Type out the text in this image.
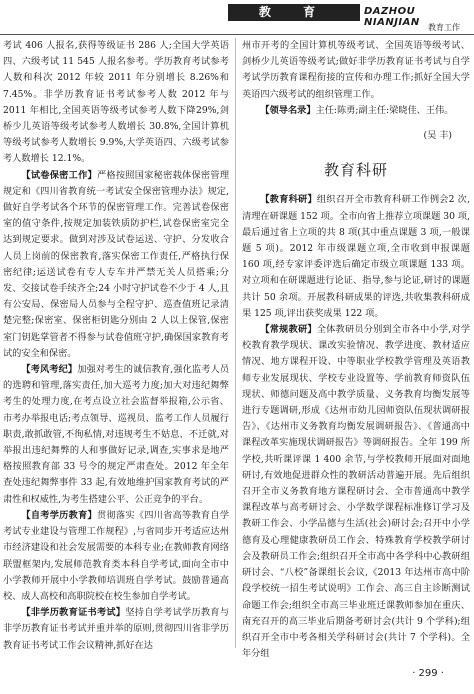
教 育	DAZHOU NIANJIAN	教育工作

考试 406 人报名,获得等级证书 286 人;全国大学英语四、六级考试 11 545 人报名参考。学历教育考试参考人数和科次 2012 年较 2011 年分别增长 8.26%和 7.45%。非学历教育证书考试参考人数 2012 年与 2011 年相比,全国英语等级考试参考人数下降29%,剑桥少儿英语等级考试参考人数增长 30.8%,全国计算机等级考试参考人数增长 9.9%,大学英语四、六级考试参考人数增长 12.1%。

【试卷保密工作】严格按照国家秘密载体保密管理规定和《四川省教育统一考试安全保密管理办法》规定,做好自学考试各个环节的保密管理工作。完善试卷保密室的值守条件,按规定加装铁质防护栏,试卷保密室完全达到规定要求。做到对涉及试卷运送、守护、分发收合人员上岗前的保密教育,落实保密工作责任,严格执行保密纪律;运送试卷有专人专车并严禁无关人员搭乘;分发、交接试卷手续齐全;24 小时守护试卷不少于 4 人,且有公安局、保密局人员参与全程守护、巡查值班记录清楚完整;保密室、保密柜钥匙分别由 2 人以上保管,保密室门钥匙掌管者不得参与试卷值班守护,确保国家教育考试的安全和保密。

【考风考纪】加强对考生的诚信教育,强化监考人员的选聘和管理,落实责任,加大巡考力度;加大对违纪舞弊考生的处理力度,在考点设立社会监督举报箱,公示省、市考办举报电话;考点领导、巡视员、监考工作人员履行职责,敢抓敢管,不徇私情,对违规考生不姑息、不迁就,对举报出违纪舞弊的人和事做好记录,调查,实事求是地严格按照教育部 33 号令的规定严肃查处。2012 年全年查处违纪舞弊事件 33 起,有效地维护国家教育考试的严肃性和权威性,为考生搭建公平、公正竞争的平台。

【自考学历教育】贯彻落实《四川省高等教育自学考试专业建设与管理工作规程》,与省同步开考适应达州市经济建设和社会发展需要的本科专业;在教师教育网络联盟框架内,发展师范教育类本科自学考试,面向全市中小学教师开展中小学教师培训班自学考试。鼓励普通高校、成人高校和高职院校在校生参加自学考试。

【非学历教育证书考试】坚持自学考试学历教育与非学历教育证书考试并重并举的原则,贯彻四川省非学历教育证书考试工作会议精神,抓好在达

州市开考的全国计算机等级考试、全国英语等级考试、剑桥少儿英语等级考试;做好非学历教育证书考试与自学考试学历教育课程衔接的宣传和办理工作;抓好全国大学英语四六级考试的组织管理工作。

【领导名录】主任:陈勇;副主任:梁晓佳、王伟。

(吴 丰)

教育科研

【教育科研】组织召开全市教育科研工作例会2 次,清理在研课题 152 项。全市向省上推荐立项课题 30 项,最后通过省上立项的共 8 项(其中重点课题 3 项,一般课题 5 项)。2012 年市级课题立项,全市收到申报课题 160 项,经专家评委评选后确定市级立项课题 133 项。对立项和在研课题进行论证、指导,参与论证,研讨的课题共计 50 余项。开展教科研成果的评选,共收集教科研成果 125 项,评出获奖成果 122 项。

【常规教研】全体教研员分别到全市各中小学,对学校教育教学现状、课改实验情况、教学进度、教材适应情况、地方课程开设、中等职业学校教学管理及英语教师专业发展现状、学校专业设置等、学前教育师资队伍现状、师德问题及高中教学质量、义务教育均衡发展等进行专题调研,形成《达州市幼儿园师资队伍现状调研报告》、《达州市义务教育均衡发展调研报告》、《普通高中课程改革实施现状调研报告》等调研报告。全年 199 所学校,共听课评课 1 400 余节,与学校教师开展面对面地研讨,有效地促进群众性的教研活动普遍开展。先后组织召开全市义务教育地方课程研讨会、全市普通高中教学课程改革与高考研讨会、小学数学课程标准修订学习及教研工作会、小学品德与生活(社会)研讨会;召开中小学德育及心理健康教研员工作会、特殊教育学校教学研讨会及教研员工作会;组织召开全市高中各学科中心教研组研讨会、“八校”备课组长会议,《2013 年达州市高中阶段学校统一招生考试说明》工作会、高三自主诊断测试命题工作会;组织全市高三毕业班迁课教师参加在重庆、南充召开的高三毕业后期备考研讨会(共计 9 个学科);组织召开全市中考各相关学科研讨会(共计 7 个学科)。全年分组

· 299 ·
